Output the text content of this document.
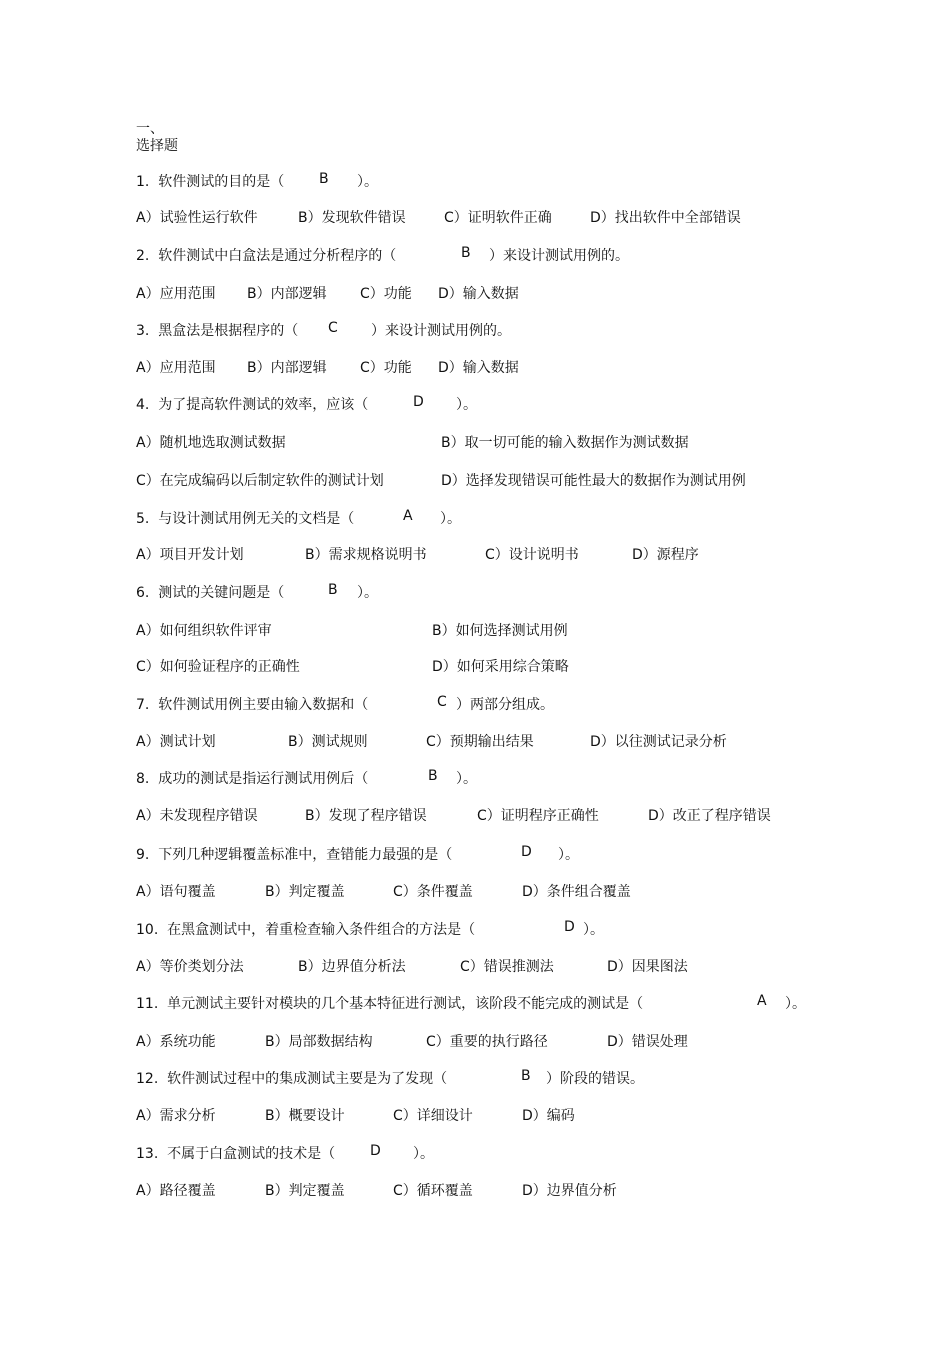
一、
选择题
1.  软件测试的目的是（ B ）。
A）试验性运行软件	B）发现软件错误	C）证明软件正确	D）找出软件中全部错误
2.  软件测试中白盒法是通过分析程序的（	B ）来设计测试用例的。
A）应用范围 B）内部逻辑 C）功能 D）输入数据
3.  黑盒法是根据程序的（ C ）来设计测试用例的。
A）应用范围 B）内部逻辑 C）功能 D）输入数据
4.  为了提高软件测试的效率，应该（	D ）。
A）随机地选取测试数据	B）取一切可能的输入数据作为测试数据
C）在完成编码以后制定软件的测试计划	D）选择发现错误可能性最大的数据作为测试用例
5.  与设计测试用例无关的文档是（	A ）。
A）项目开发计划	B）需求规格说明书	C）设计说明书	D）源程序
6.  测试的关键问题是（	B ）。
A）如何组织软件评审	B）如何选择测试用例
C）如何验证程序的正确性	D）如何采用综合策略
7.  软件测试用例主要由输入数据和（	C ）两部分组成。
A）测试计划	B）测试规则	C）预期输出结果	D）以往测试记录分析
8.  成功的测试是指运行测试用例后（	B ）。
A）未发现程序错误	B）发现了程序错误	C）证明程序正确性	D）改正了程序错误
9.  下列几种逻辑覆盖标准中，查错能力最强的是（	D ）。
A）语句覆盖	B）判定覆盖	C）条件覆盖	D）条件组合覆盖
10.  在黑盒测试中，着重检查输入条件组合的方法是（	D ）。
A）等价类划分法	B）边界值分析法	C）错误推测法	D）因果图法
11.  单元测试主要针对模块的几个基本特征进行测试，该阶段不能完成的测试是（	A ）。
A）系统功能	B）局部数据结构	C）重要的执行路径	D）错误处理
12.  软件测试过程中的集成测试主要是为了发现（	B ）阶段的错误。
A）需求分析	B）概要设计	C）详细设计	D）编码
13.  不属于白盒测试的技术是（ D ）。
A）路径覆盖	B）判定覆盖	C）循环覆盖	D）边界值分析
